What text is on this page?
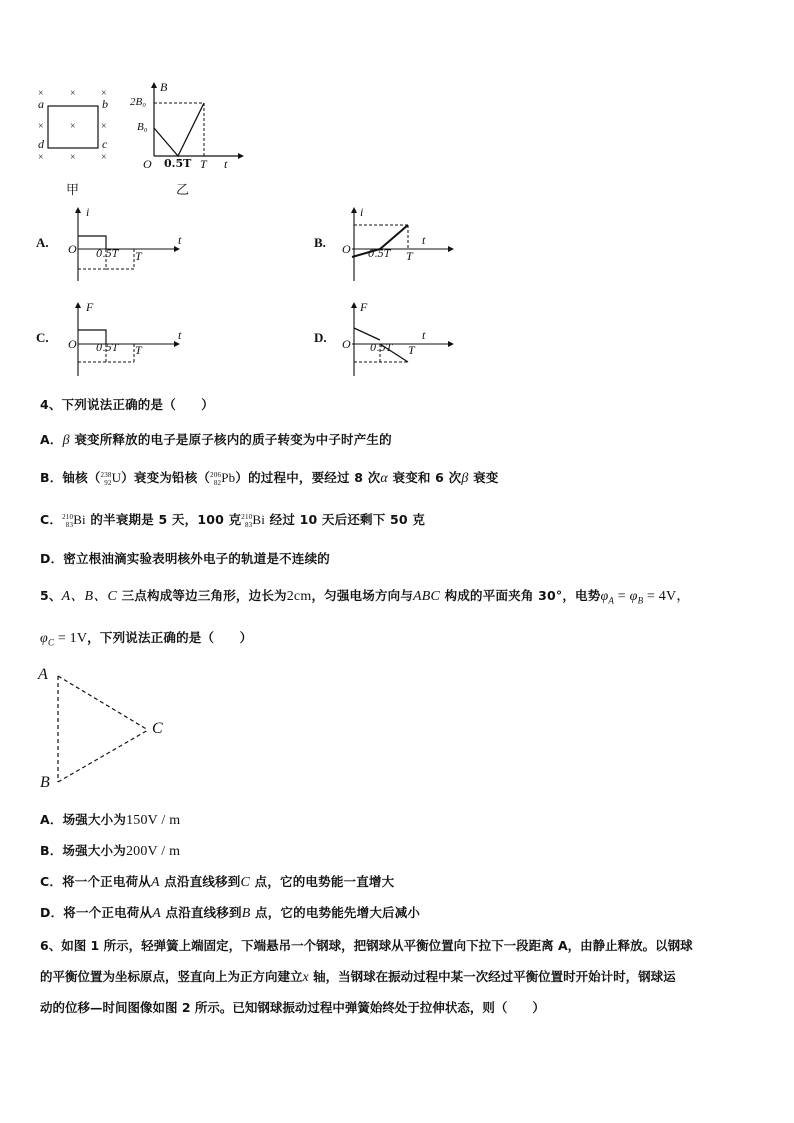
×	×	×
×	×	×
×	×	×
a	b
c
d
甲
B
2B₀
B₀
O 0.5T T t
乙
A.
i
O 0.5T T
t	B.
i
O 0.5T T
t
C.
F
O 0.5T T
t	D.
F
O 0.5T T
t
4、下列说法正确的是（　　）
A．β 衰变所释放的电子是原子核内的质子转变为中子时产生的
B．铀核（ 238
92 U）衰变为铅核（ 206
82 Pb）的过程中，要经过 8 次α 衰变和 6 次β 衰变
C． 210
83 Bi 的半衰期是 5 天，100 克 210
83 Bi 经过 10 天后还剩下 50 克
D．密立根油滴实验表明核外电子的轨道是不连续的
5、A、B、C 三点构成等边三角形，边长为2cm，匀强电场方向与ABC 构成的平面夹角 30°，电势$\varphi_A = \varphi_B = 4V$，
$\varphi_C = 1V$，下列说法正确的是（　　）
A
B
C
A．场强大小为150V / m
B．场强大小为200V / m
C．将一个正电荷从A 点沿直线移到C 点，它的电势能一直增大
D．将一个正电荷从A 点沿直线移到B 点，它的电势能先增大后减小
6、如图 1 所示，轻弹簧上端固定，下端悬吊一个钢球，把钢球从平衡位置向下拉下一段距离 A，由静止释放。以钢球
的平衡位置为坐标原点，竖直向上为正方向建立x 轴，当钢球在振动过程中某一次经过平衡位置时开始计时，钢球运
动的位移—时间图像如图 2 所示。已知钢球振动过程中弹簧始终处于拉伸状态，则（　　）
